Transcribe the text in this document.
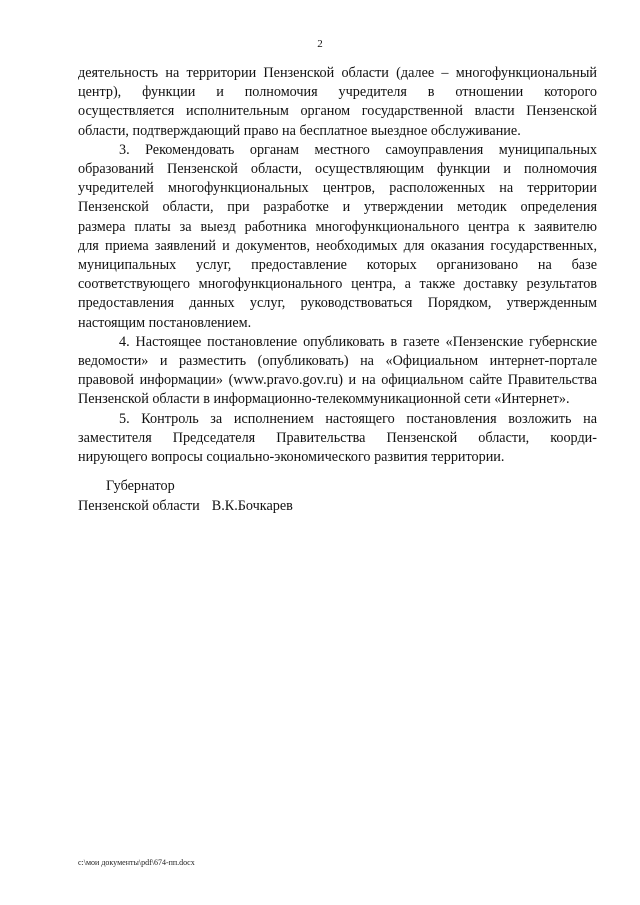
2
деятельность на территории Пензенской области (далее – многофункциональный
центр), функции и полномочия учредителя в отношении которого
осуществляется исполнительным органом государственной власти Пензенской
области, подтверждающий право на бесплатное выездное обслуживание.
3. Рекомендовать органам местного самоуправления муниципальных
образований Пензенской области, осуществляющим функции и полномочия
учредителей многофункциональных центров, расположенных на территории
Пензенской области, при разработке и утверждении методик определения
размера платы за выезд работника многофункционального центра к заявителю
для приема заявлений и документов, необходимых для оказания государственных,
муниципальных услуг, предоставление которых организовано на базе
соответствующего многофункционального центра, а также доставку результатов
предоставления данных услуг, руководствоваться Порядком, утвержденным
настоящим постановлением.
4. Настоящее постановление опубликовать в газете «Пензенские губернские
ведомости» и разместить (опубликовать) на «Официальном интернет-портале
правовой информации» (www.pravo.gov.ru) и на официальном сайте Правительства
Пензенской области в информационно-телекоммуникационной сети «Интернет».
5. Контроль за исполнением настоящего постановления возложить на
заместителя Председателя Правительства Пензенской области, коорди-
нирующего вопросы социально-экономического развития территории.
Губернатор
Пензенской области В.К.Бочкарев
c:\мои документы\pdf\674-пп.docx
